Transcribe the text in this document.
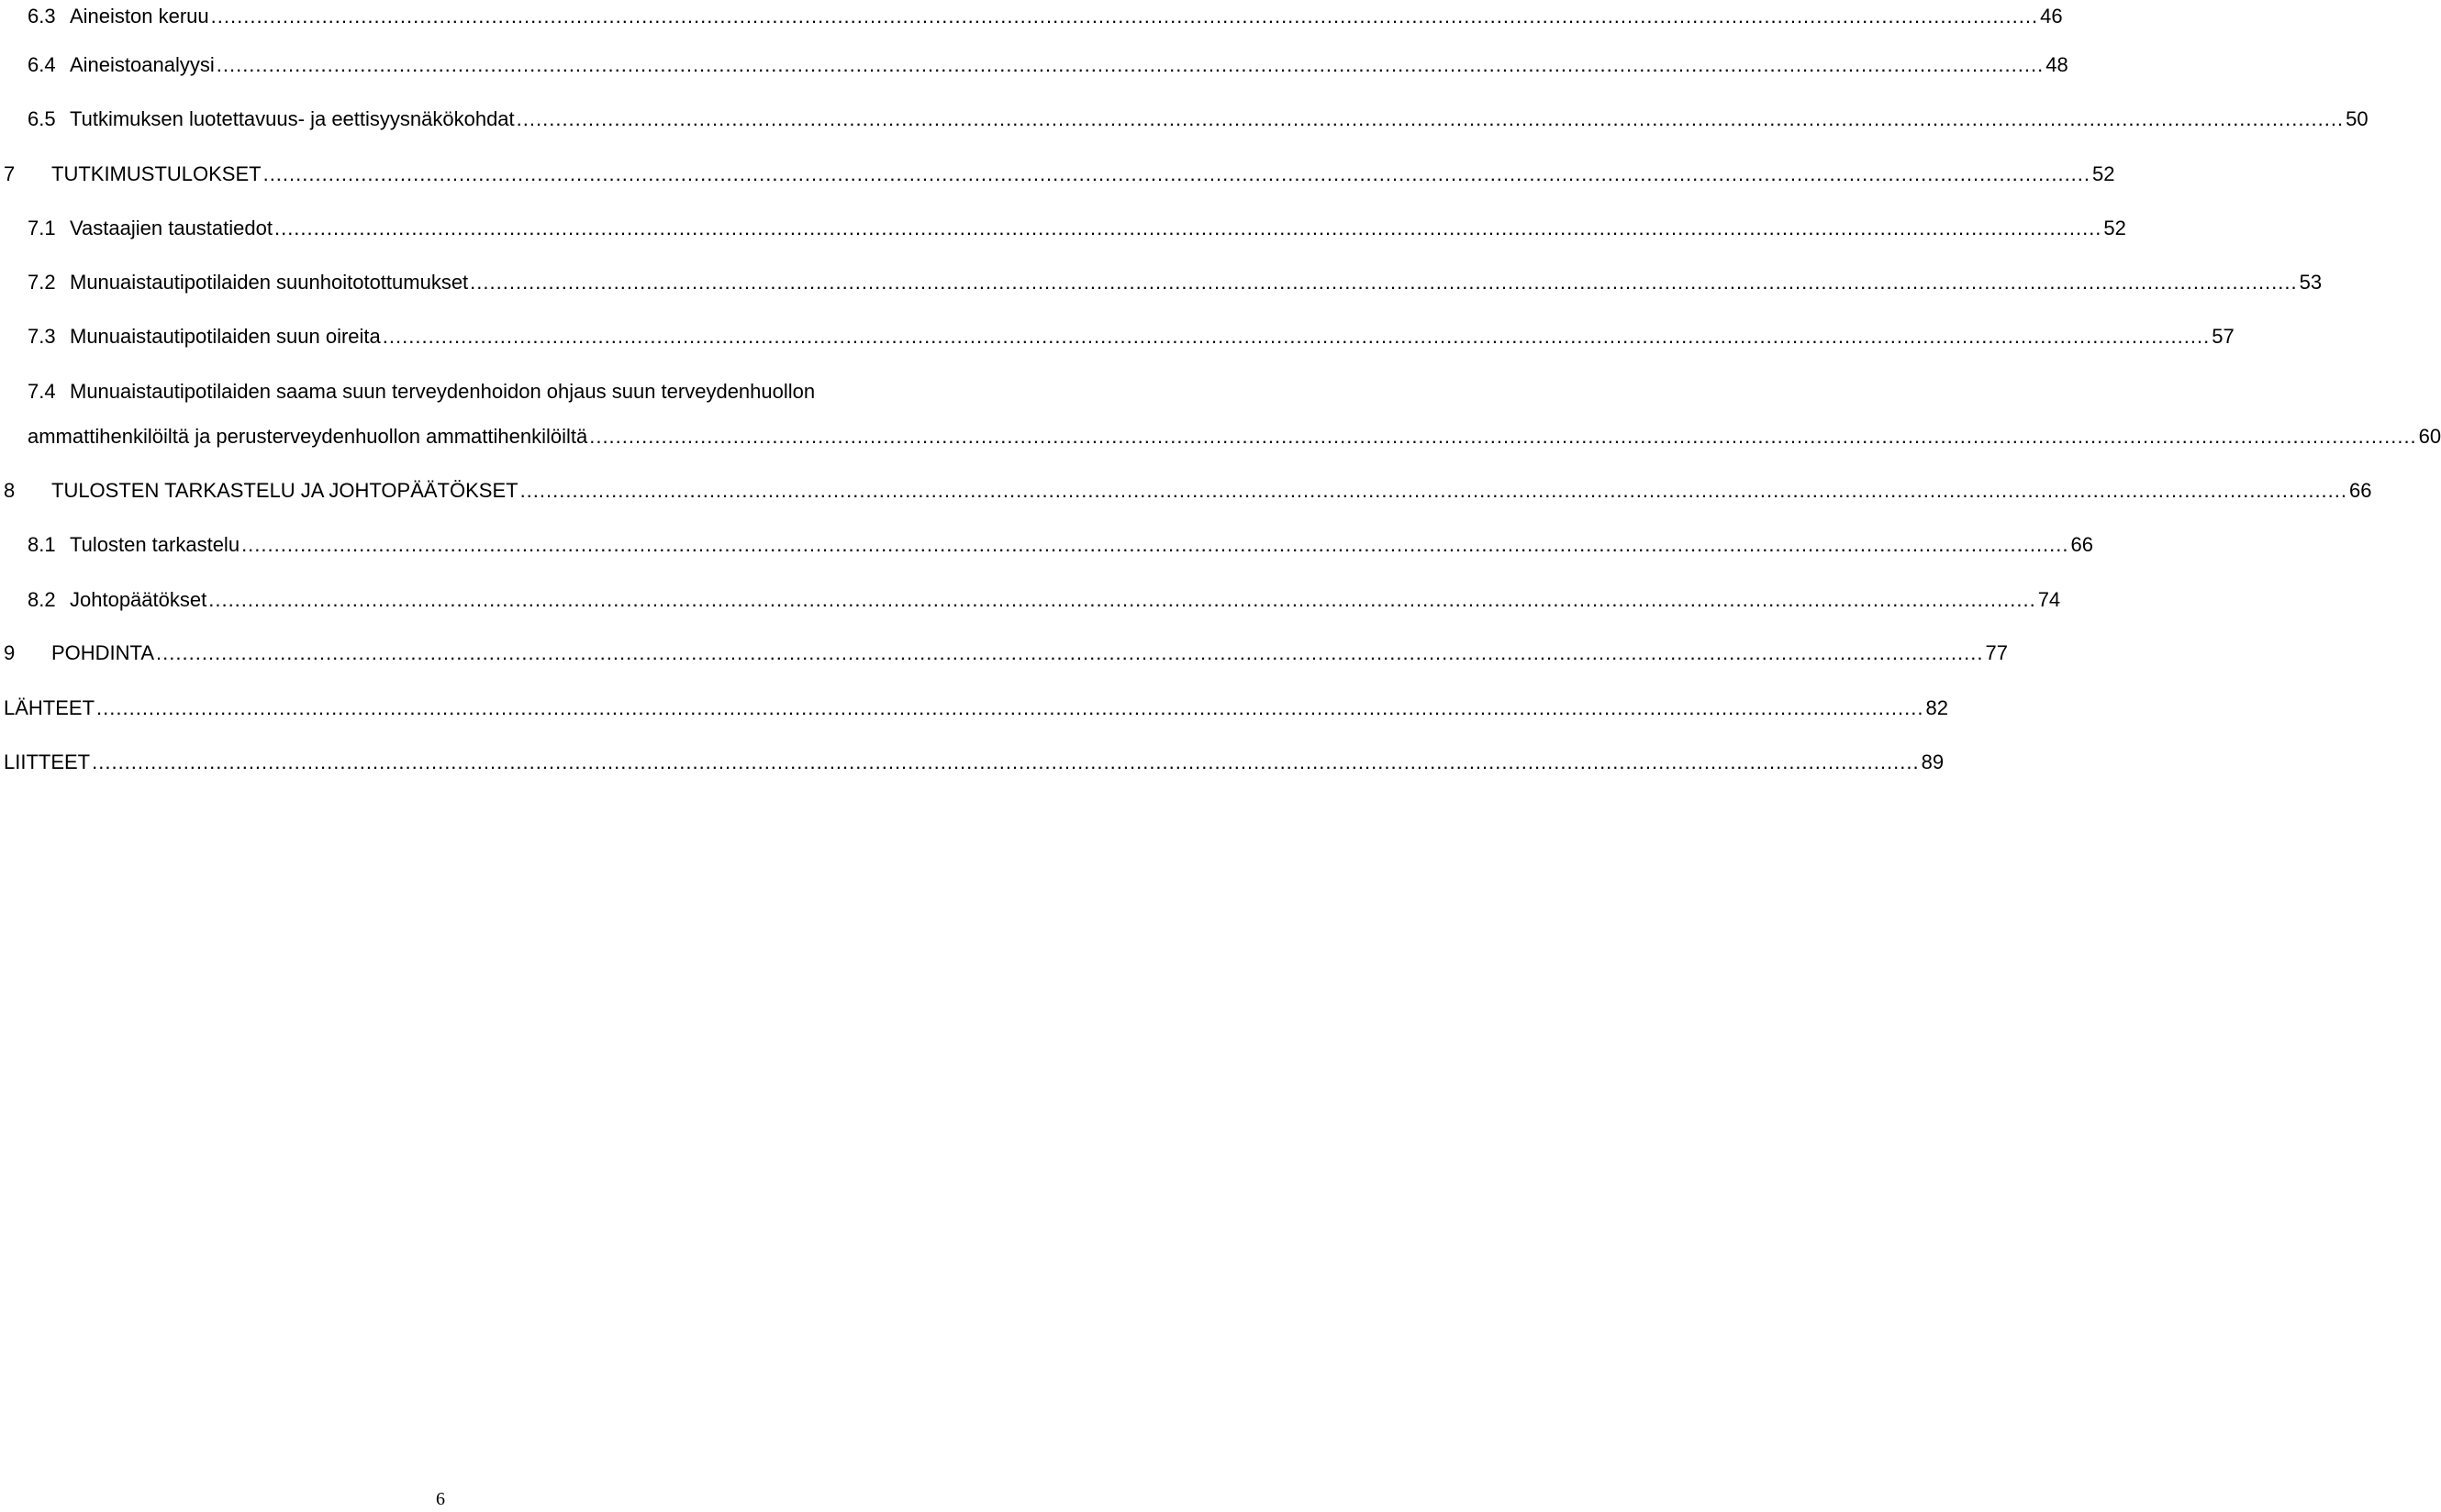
6.3 Aineiston keruu .....	46
6.4 Aineistoanalyysi .....	48
6.5 Tutkimuksen luotettavuus- ja eettisyysnäkökohdat .....	50
7	TUTKIMUSTULOKSET .....	52
7.1 Vastaajien taustatiedot .....	52
7.2 Munuaistautipotilaiden suunhoitotottumukset .....	53
7.3 Munuaistautipotilaiden suun oireita .....	57
7.4 Munuaistautipotilaiden saama suun terveydenhoidon ohjaus suun terveydenhuollon
ammattihenkilöiltä ja perusterveydenhuollon ammattihenkilöiltä .....	60
8	TULOSTEN TARKASTELU JA JOHTOPÄÄTÖKSET .....	66
8.1 Tulosten tarkastelu .....	66
8.2 Johtopäätökset .....	74
9	POHDINTA .....	77
LÄHTEET .....	82
LIITTEET .....	89
6
